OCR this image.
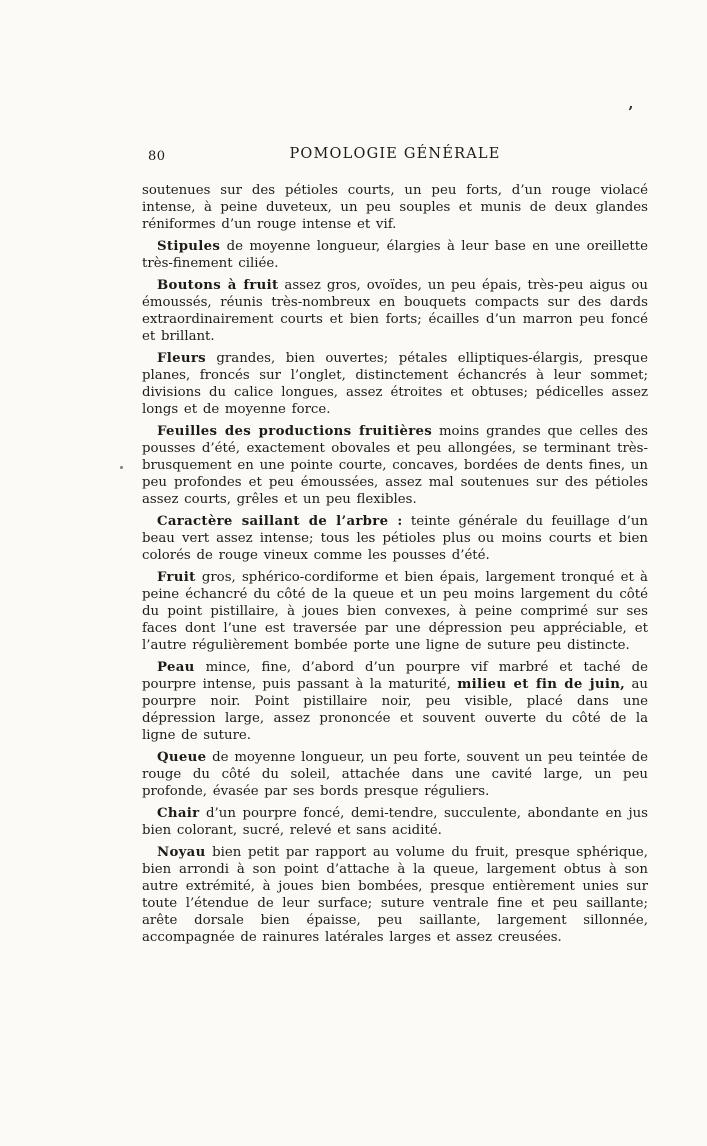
’
80	POMOLOGIE GÉNÉRALE

soutenues sur des pétioles courts, un peu forts, d’un rouge violacé intense, à peine duveteux, un peu souples et munis de deux glandes réniformes d’un rouge intense et vif.

Stipules de moyenne longueur, élargies à leur base en une oreillette très-finement ciliée.

Boutons à fruit assez gros, ovoïdes, un peu épais, très-peu aigus ou émoussés, réunis très-nombreux en bouquets compacts sur des dards extraordinairement courts et bien forts; écailles d’un marron peu foncé et brillant.

Fleurs grandes, bien ouvertes; pétales elliptiques-élargis, presque planes, froncés sur l’onglet, distinctement échancrés à leur sommet; divisions du calice longues, assez étroites et obtuses; pédicelles assez longs et de moyenne force.

Feuilles des productions fruitières moins grandes que celles des pousses d’été, exactement obovales et peu allongées, se terminant très-brusquement en une pointe courte, concaves, bordées de dents fines, un peu profondes et peu émoussées, assez mal soutenues sur des pétioles assez courts, grêles et un peu flexibles.

Caractère saillant de l’arbre : teinte générale du feuillage d’un beau vert assez intense; tous les pétioles plus ou moins courts et bien colorés de rouge vineux comme les pousses d’été.

Fruit gros, sphérico-cordiforme et bien épais, largement tronqué et à peine échancré du côté de la queue et un peu moins largement du côté du point pistillaire, à joues bien convexes, à peine comprimé sur ses faces dont l’une est traversée par une dépression peu appréciable, et l’autre régulièrement bombée porte une ligne de suture peu distincte.

Peau mince, fine, d’abord d’un pourpre vif marbré et taché de pourpre intense, puis passant à la maturité, milieu et fin de juin, au pourpre noir. Point pistillaire noir, peu visible, placé dans une dépression large, assez prononcée et souvent ouverte du côté de la ligne de suture.

Queue de moyenne longueur, un peu forte, souvent un peu teintée de rouge du côté du soleil, attachée dans une cavité large, un peu profonde, évasée par ses bords presque réguliers.

Chair d’un pourpre foncé, demi-tendre, succulente, abondante en jus bien colorant, sucré, relevé et sans acidité.

Noyau bien petit par rapport au volume du fruit, presque sphérique, bien arrondi à son point d’attache à la queue, largement obtus à son autre extrémité, à joues bien bombées, presque entièrement unies sur toute l’étendue de leur surface; suture ventrale fine et peu saillante; arête dorsale bien épaisse, peu saillante, largement sillonnée, accompagnée de rainures latérales larges et assez creusées.
